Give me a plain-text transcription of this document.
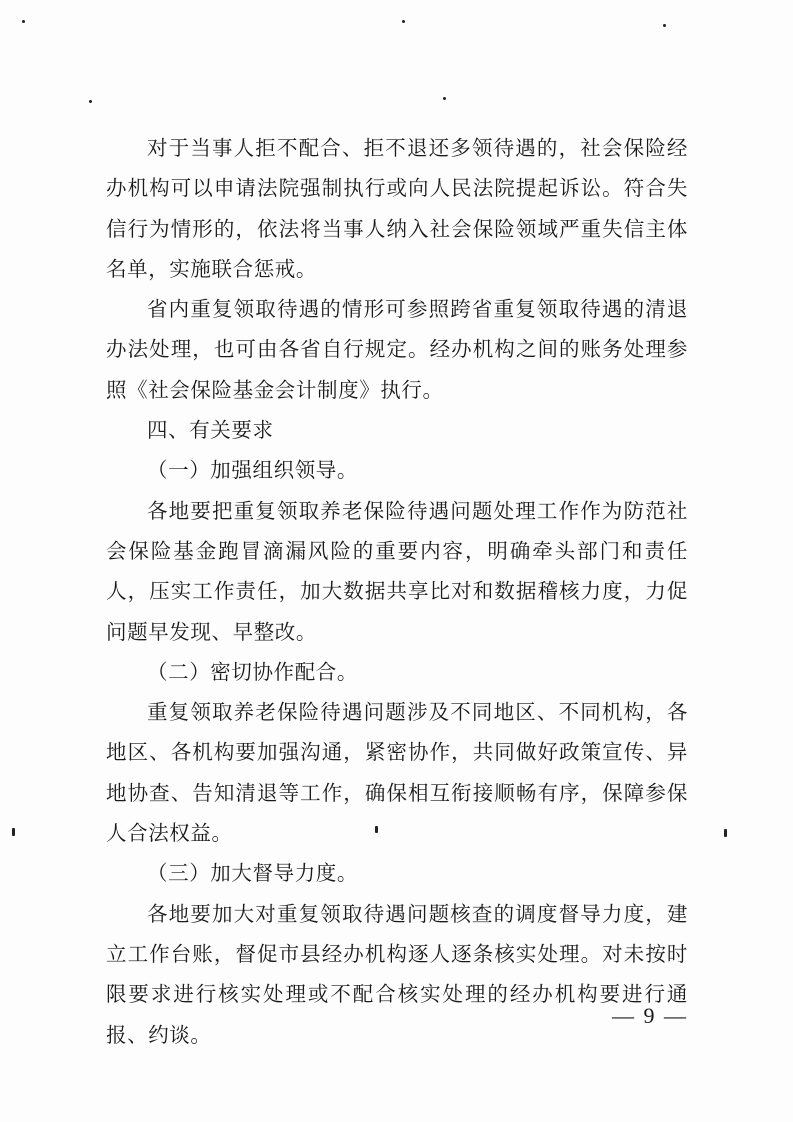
对于当事人拒不配合、拒不退还多领待遇的，社会保险经办机构可以申请法院强制执行或向人民法院提起诉讼。符合失信行为情形的，依法将当事人纳入社会保险领域严重失信主体名单，实施联合惩戒。

省内重复领取待遇的情形可参照跨省重复领取待遇的清退办法处理，也可由各省自行规定。经办机构之间的账务处理参照《社会保险基金会计制度》执行。

四、有关要求

（一）加强组织领导。

各地要把重复领取养老保险待遇问题处理工作作为防范社会保险基金跑冒滴漏风险的重要内容，明确牵头部门和责任人，压实工作责任，加大数据共享比对和数据稽核力度，力促问题早发现、早整改。

（二）密切协作配合。

重复领取养老保险待遇问题涉及不同地区、不同机构，各地区、各机构要加强沟通，紧密协作，共同做好政策宣传、异地协查、告知清退等工作，确保相互衔接顺畅有序，保障参保人合法权益。

（三）加大督导力度。

各地要加大对重复领取待遇问题核查的调度督导力度，建立工作台账，督促市县经办机构逐人逐条核实处理。对未按时限要求进行核实处理或不配合核实处理的经办机构要进行通报、约谈。

— 9 —
